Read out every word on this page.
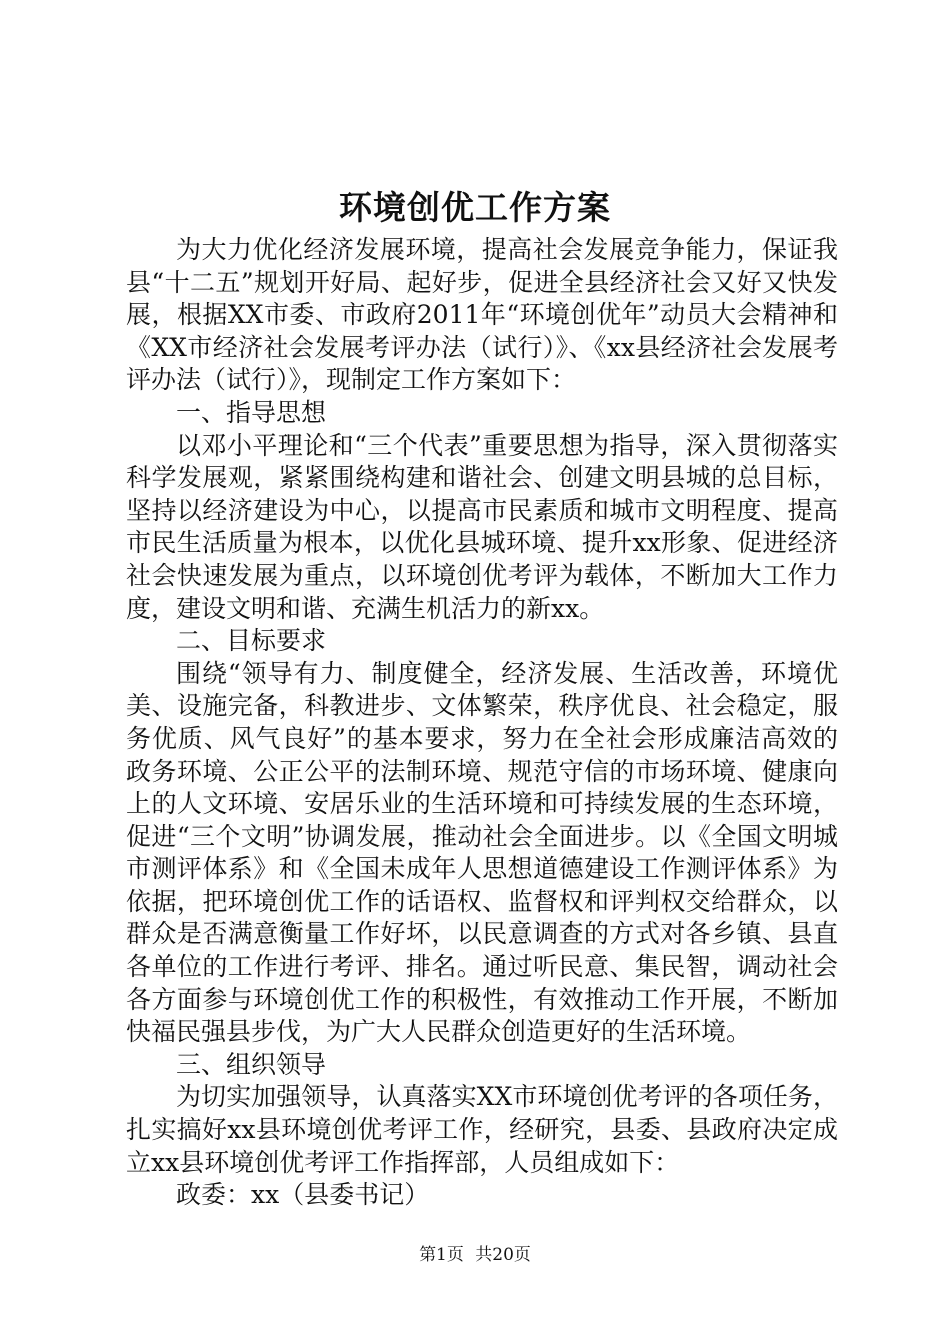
环境创优工作方案

为大力优化经济发展环境，提高社会发展竞争能力，保证我县“十二五”规划开好局、起好步，促进全县经济社会又好又快发展，根据XX市委、市政府2011年“环境创优年”动员大会精神和《XX市经济社会发展考评办法（试行）》、《xx县经济社会发展考评办法（试行）》，现制定工作方案如下：

一、指导思想

以邓小平理论和“三个代表”重要思想为指导，深入贯彻落实科学发展观，紧紧围绕构建和谐社会、创建文明县城的总目标，坚持以经济建设为中心，以提高市民素质和城市文明程度、提高市民生活质量为根本，以优化县城环境、提升xx形象、促进经济社会快速发展为重点，以环境创优考评为载体，不断加大工作力度，建设文明和谐、充满生机活力的新xx。

二、目标要求

围绕“领导有力、制度健全，经济发展、生活改善，环境优美、设施完备，科教进步、文体繁荣，秩序优良、社会稳定，服务优质、风气良好”的基本要求，努力在全社会形成廉洁高效的政务环境、公正公平的法制环境、规范守信的市场环境、健康向上的人文环境、安居乐业的生活环境和可持续发展的生态环境，促进“三个文明”协调发展，推动社会全面进步。以《全国文明城市测评体系》和《全国未成年人思想道德建设工作测评体系》为依据，把环境创优工作的话语权、监督权和评判权交给群众，以群众是否满意衡量工作好坏，以民意调查的方式对各乡镇、县直各单位的工作进行考评、排名。通过听民意、集民智，调动社会各方面参与环境创优工作的积极性，有效推动工作开展，不断加快福民强县步伐，为广大人民群众创造更好的生活环境。

三、组织领导

为切实加强领导，认真落实XX市环境创优考评的各项任务，扎实搞好xx县环境创优考评工作，经研究，县委、县政府决定成立xx县环境创优考评工作指挥部，人员组成如下：

政委：xx（县委书记）

第1页 共20页
